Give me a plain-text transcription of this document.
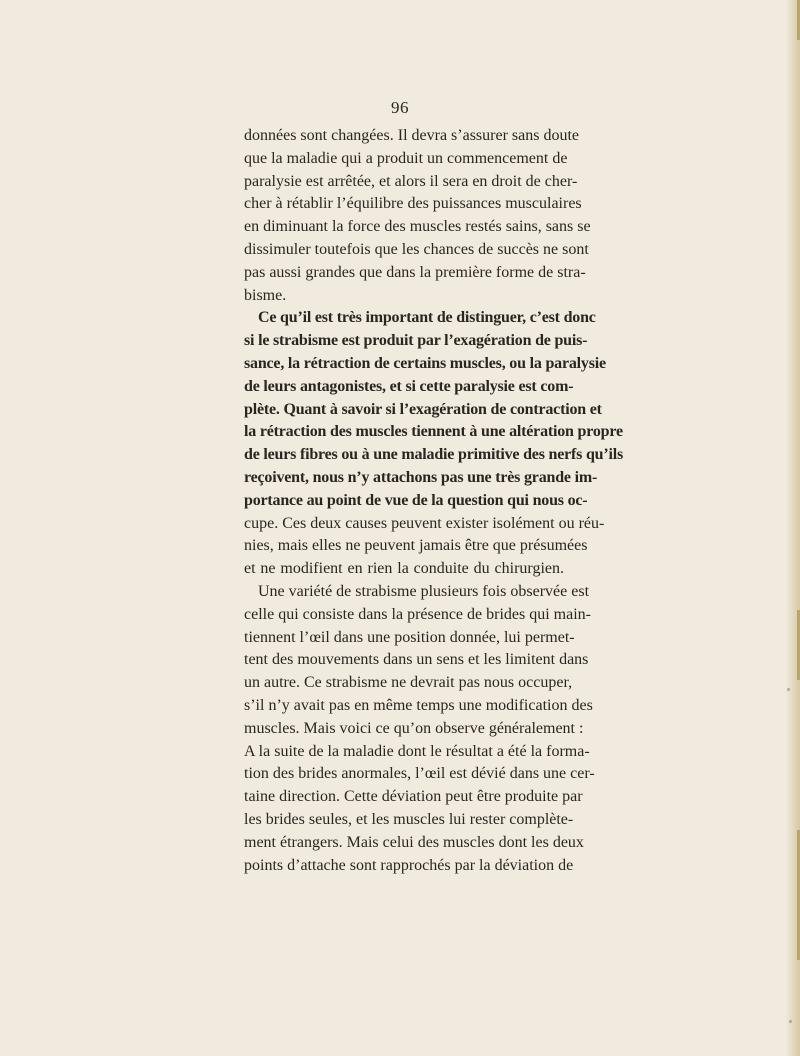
96
données sont changées. Il devra s’assurer sans doute
que la maladie qui a produit un commencement de
paralysie est arrêtée, et alors il sera en droit de cher-
cher à rétablir l’équilibre des puissances musculaires
en diminuant la force des muscles restés sains, sans se
dissimuler toutefois que les chances de succès ne sont
pas aussi grandes que dans la première forme de stra-
bisme.
Ce qu’il est très important de distinguer, c’est donc
si le strabisme est produit par l’exagération de puis-
sance, la rétraction de certains muscles, ou la paralysie
de leurs antagonistes, et si cette paralysie est com-
plète. Quant à savoir si l’exagération de contraction et
la rétraction des muscles tiennent à une altération propre
de leurs fibres ou à une maladie primitive des nerfs qu’ils
reçoivent, nous n’y attachons pas une très grande im-
portance au point de vue de la question qui nous oc-
cupe. Ces deux causes peuvent exister isolément ou réu-
nies, mais elles ne peuvent jamais être que présumées
et ne modifient en rien la conduite du chirurgien.
Une variété de strabisme plusieurs fois observée est
celle qui consiste dans la présence de brides qui main-
tiennent l’œil dans une position donnée, lui permet-
tent des mouvements dans un sens et les limitent dans
un autre. Ce strabisme ne devrait pas nous occuper,
s’il n’y avait pas en même temps une modification des
muscles. Mais voici ce qu’on observe généralement :
A la suite de la maladie dont le résultat a été la forma-
tion des brides anormales, l’œil est dévié dans une cer-
taine direction. Cette déviation peut être produite par
les brides seules, et les muscles lui rester complète-
ment étrangers. Mais celui des muscles dont les deux
points d’attache sont rapprochés par la déviation de
